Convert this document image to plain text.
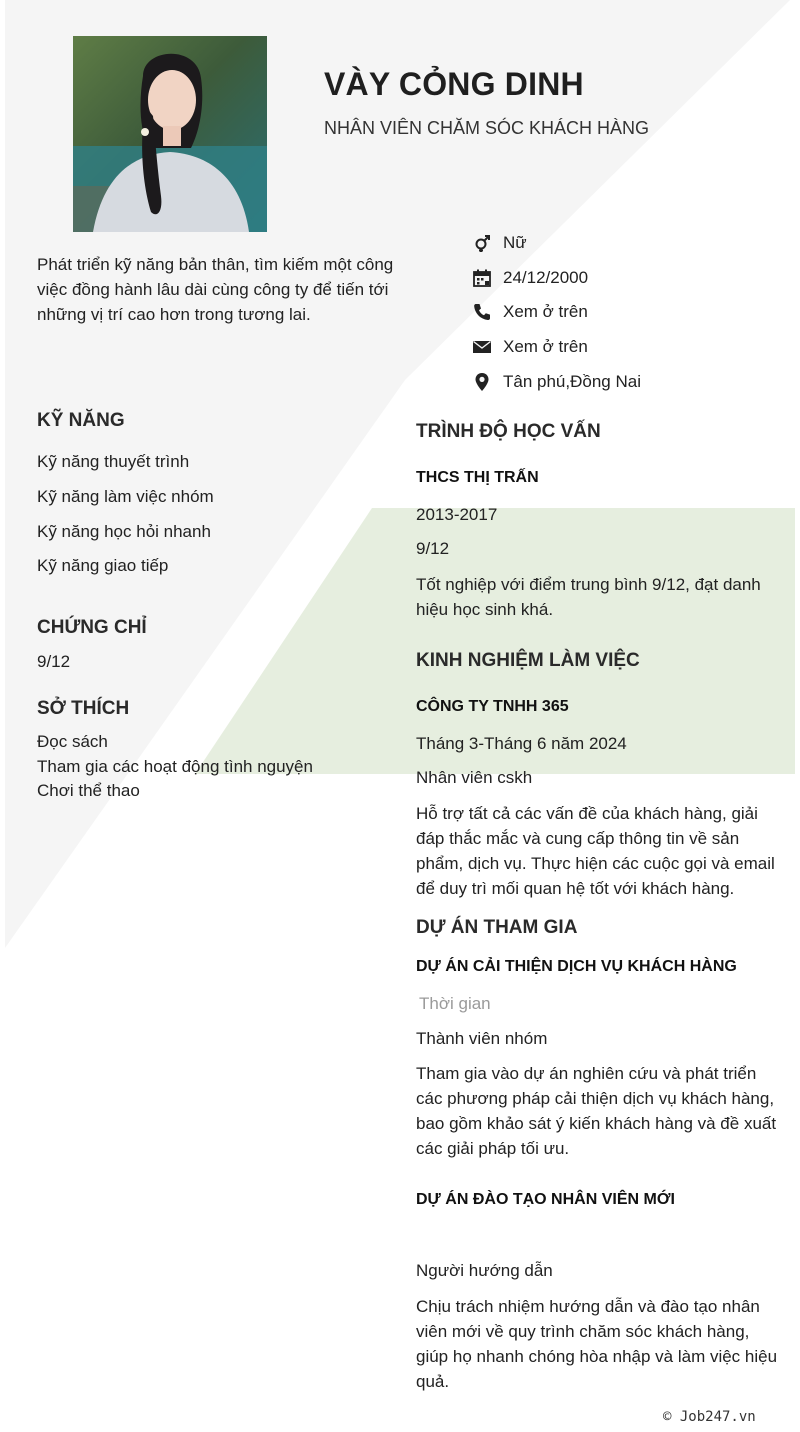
VÀY CỎNG DINH
NHÂN VIÊN CHĂM SÓC KHÁCH HÀNG
Phát triển kỹ năng bản thân, tìm kiếm một công việc đồng hành lâu dài cùng công ty để tiến tới những vị trí cao hơn trong tương lai.
Nữ
24/12/2000
Xem ở trên
Xem ở trên
Tân phú,Đồng Nai
KỸ NĂNG
Kỹ năng thuyết trình
Kỹ năng làm việc nhóm
Kỹ năng học hỏi nhanh
Kỹ năng giao tiếp
CHỨNG CHỈ
9/12
SỞ THÍCH
Đọc sách
Tham gia các hoạt động tình nguyện
Chơi thể thao
TRÌNH ĐỘ HỌC VẤN
THCS THỊ TRẤN
2013-2017
9/12
Tốt nghiệp với điểm trung bình 9/12, đạt danh hiệu học sinh khá.
KINH NGHIỆM LÀM VIỆC
CÔNG TY TNHH 365
Tháng 3-Tháng 6 năm 2024
Nhân viên cskh
Hỗ trợ tất cả các vấn đề của khách hàng, giải đáp thắc mắc và cung cấp thông tin về sản phẩm, dịch vụ. Thực hiện các cuộc gọi và email để duy trì mối quan hệ tốt với khách hàng.
DỰ ÁN THAM GIA
DỰ ÁN CẢI THIỆN DỊCH VỤ KHÁCH HÀNG
Thời gian
Thành viên nhóm
Tham gia vào dự án nghiên cứu và phát triển các phương pháp cải thiện dịch vụ khách hàng, bao gồm khảo sát ý kiến khách hàng và đề xuất các giải pháp tối ưu.
DỰ ÁN ĐÀO TẠO NHÂN VIÊN MỚI
Người hướng dẫn
Chịu trách nhiệm hướng dẫn và đào tạo nhân viên mới về quy trình chăm sóc khách hàng, giúp họ nhanh chóng hòa nhập và làm việc hiệu quả.
© Job247.vn
